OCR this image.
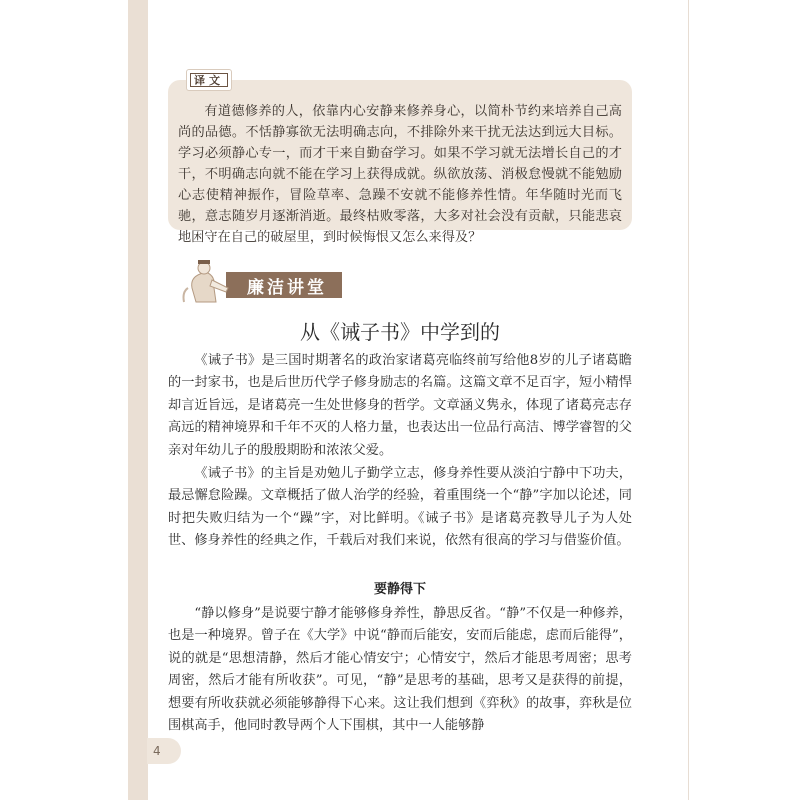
译文

有道德修养的人，依靠内心安静来修养身心，以简朴节约来培养自己高尚的品德。不恬静寡欲无法明确志向，不排除外来干扰无法达到远大目标。学习必须静心专一，而才干来自勤奋学习。如果不学习就无法增长自己的才干，不明确志向就不能在学习上获得成就。纵欲放荡、消极怠慢就不能勉励心志使精神振作，冒险草率、急躁不安就不能修养性情。年华随时光而飞驰，意志随岁月逐渐消逝。最终枯败零落，大多对社会没有贡献，只能悲哀地困守在自己的破屋里，到时候悔恨又怎么来得及？

廉洁讲堂
从《诫子书》中学到的

《诫子书》是三国时期著名的政治家诸葛亮临终前写给他8岁的儿子诸葛瞻的一封家书，也是后世历代学子修身励志的名篇。这篇文章不足百字，短小精悍却言近旨远，是诸葛亮一生处世修身的哲学。文章涵义隽永，体现了诸葛亮志存高远的精神境界和千年不灭的人格力量，也表达出一位品行高洁、博学睿智的父亲对年幼儿子的殷殷期盼和浓浓父爱。

《诫子书》的主旨是劝勉儿子勤学立志，修身养性要从淡泊宁静中下功夫，最忌懈怠险躁。文章概括了做人治学的经验，着重围绕一个“静”字加以论述，同时把失败归结为一个“躁”字，对比鲜明。《诫子书》是诸葛亮教导儿子为人处世、修身养性的经典之作，千载后对我们来说，依然有很高的学习与借鉴价值。

要静得下

“静以修身”是说要宁静才能够修身养性，静思反省。“静”不仅是一种修养，也是一种境界。曾子在《大学》中说“静而后能安，安而后能虑，虑而后能得”，说的就是“思想清静，然后才能心情安宁；心情安宁，然后才能思考周密；思考周密，然后才能有所收获”。可见，“静”是思考的基础，思考又是获得的前提，想要有所收获就必须能够静得下心来。这让我们想到《弈秋》的故事，弈秋是位围棋高手，他同时教导两个人下围棋，其中一人能够静

4
